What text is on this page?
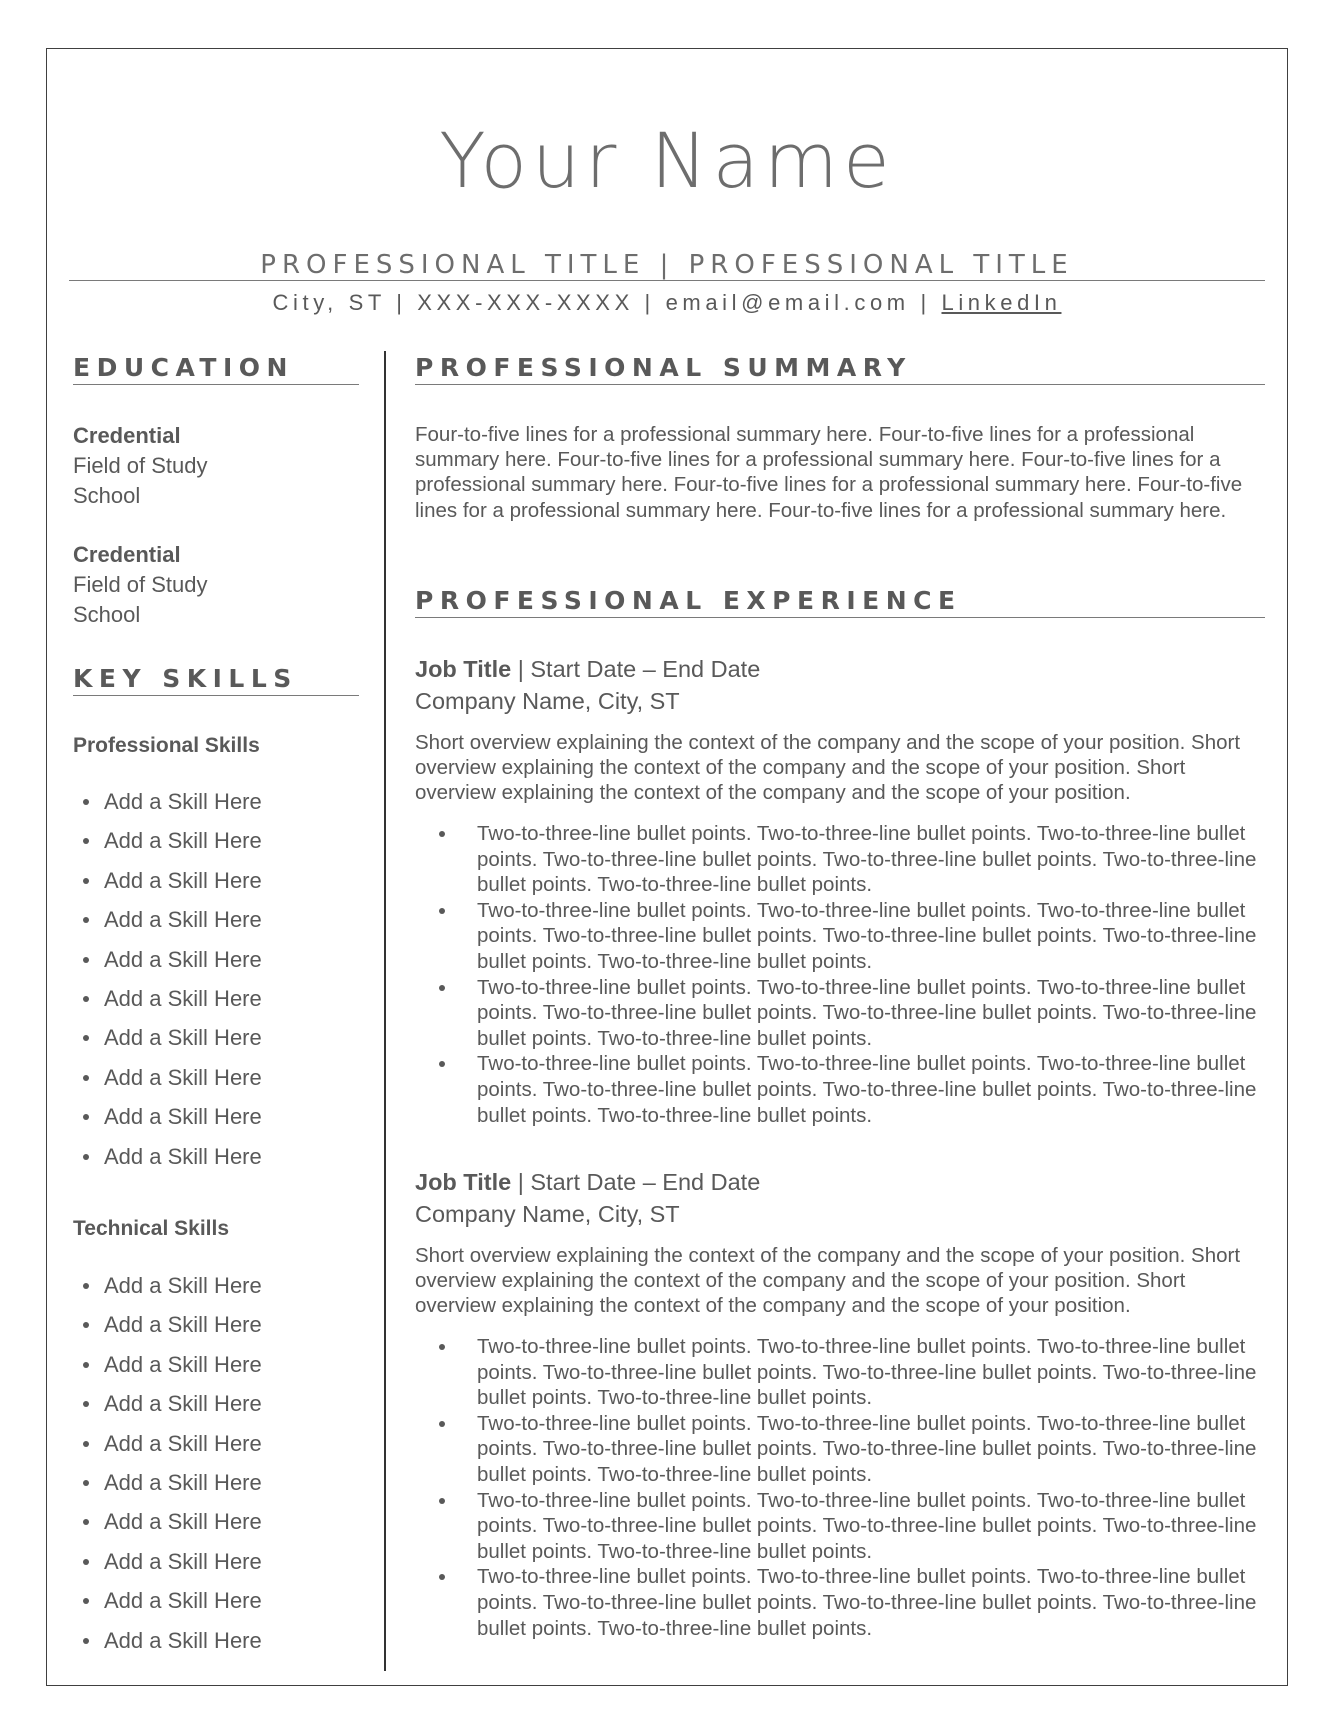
Your Name
PROFESSIONAL TITLE | PROFESSIONAL TITLE
City, ST | XXX-XXX-XXXX | email@email.com | LinkedIn
EDUCATION
Credential
Field of Study
School
Credential
Field of Study
School
KEY SKILLS
Professional Skills
Add a Skill Here
Add a Skill Here
Add a Skill Here
Add a Skill Here
Add a Skill Here
Add a Skill Here
Add a Skill Here
Add a Skill Here
Add a Skill Here
Add a Skill Here
Technical Skills
Add a Skill Here
Add a Skill Here
Add a Skill Here
Add a Skill Here
Add a Skill Here
Add a Skill Here
Add a Skill Here
Add a Skill Here
Add a Skill Here
Add a Skill Here
PROFESSIONAL SUMMARY
Four-to-five lines for a professional summary here. Four-to-five lines for a professional summary here. Four-to-five lines for a professional summary here. Four-to-five lines for a professional summary here. Four-to-five lines for a professional summary here. Four-to-five lines for a professional summary here. Four-to-five lines for a professional summary here.
PROFESSIONAL EXPERIENCE
Job Title | Start Date – End Date
Company Name, City, ST
Short overview explaining the context of the company and the scope of your position. Short overview explaining the context of the company and the scope of your position. Short overview explaining the context of the company and the scope of your position.
Two-to-three-line bullet points. Two-to-three-line bullet points. Two-to-three-line bullet points. Two-to-three-line bullet points. Two-to-three-line bullet points. Two-to-three-line bullet points. Two-to-three-line bullet points.
Two-to-three-line bullet points. Two-to-three-line bullet points. Two-to-three-line bullet points. Two-to-three-line bullet points. Two-to-three-line bullet points. Two-to-three-line bullet points. Two-to-three-line bullet points.
Two-to-three-line bullet points. Two-to-three-line bullet points. Two-to-three-line bullet points. Two-to-three-line bullet points. Two-to-three-line bullet points. Two-to-three-line bullet points. Two-to-three-line bullet points.
Two-to-three-line bullet points. Two-to-three-line bullet points. Two-to-three-line bullet points. Two-to-three-line bullet points. Two-to-three-line bullet points. Two-to-three-line bullet points. Two-to-three-line bullet points.
Job Title | Start Date – End Date
Company Name, City, ST
Short overview explaining the context of the company and the scope of your position. Short overview explaining the context of the company and the scope of your position. Short overview explaining the context of the company and the scope of your position.
Two-to-three-line bullet points. Two-to-three-line bullet points. Two-to-three-line bullet points. Two-to-three-line bullet points. Two-to-three-line bullet points. Two-to-three-line bullet points. Two-to-three-line bullet points.
Two-to-three-line bullet points. Two-to-three-line bullet points. Two-to-three-line bullet points. Two-to-three-line bullet points. Two-to-three-line bullet points. Two-to-three-line bullet points. Two-to-three-line bullet points.
Two-to-three-line bullet points. Two-to-three-line bullet points. Two-to-three-line bullet points. Two-to-three-line bullet points. Two-to-three-line bullet points. Two-to-three-line bullet points. Two-to-three-line bullet points.
Two-to-three-line bullet points. Two-to-three-line bullet points. Two-to-three-line bullet points. Two-to-three-line bullet points. Two-to-three-line bullet points. Two-to-three-line bullet points. Two-to-three-line bullet points.
